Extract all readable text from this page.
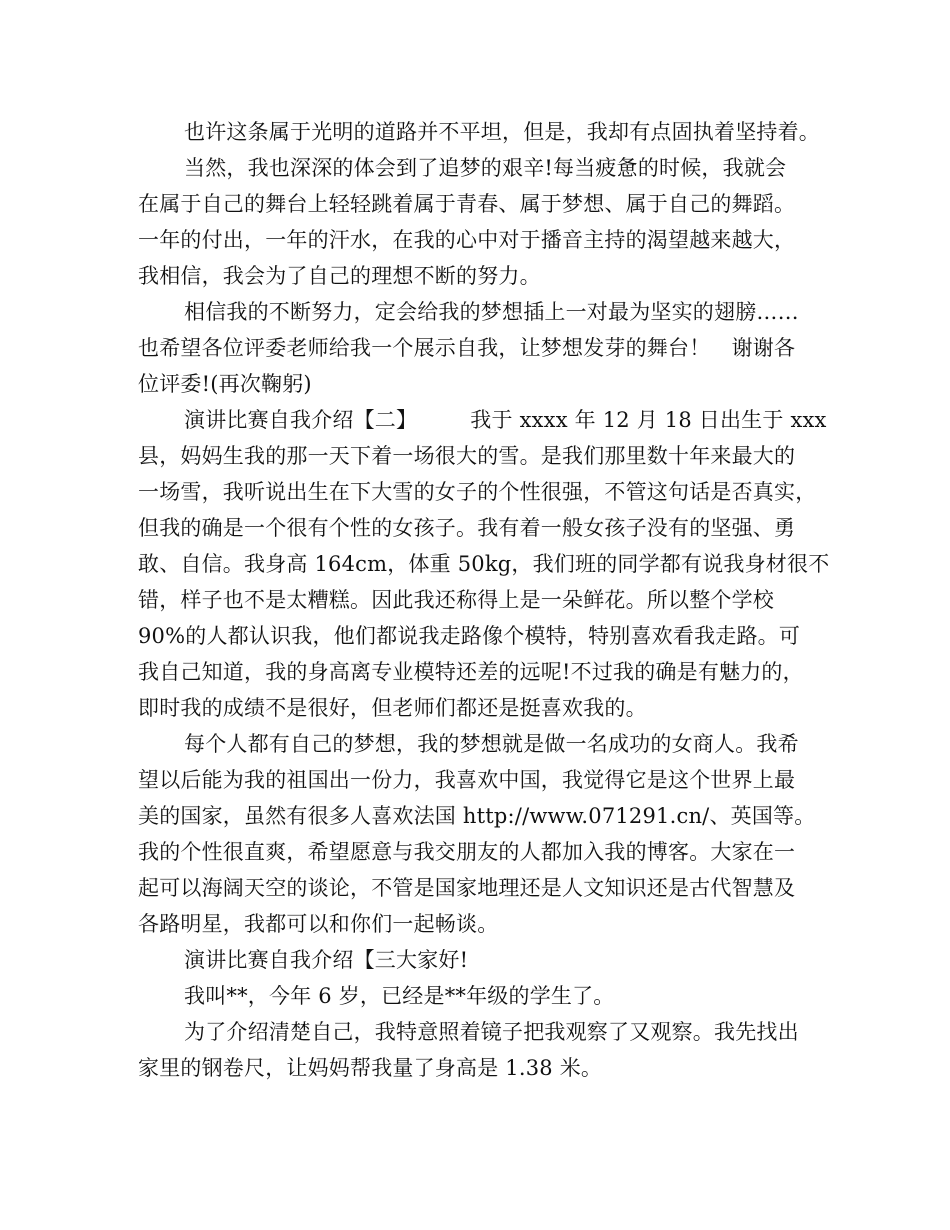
也许这条属于光明的道路并不平坦，但是，我却有点固执着坚持着。
当然，我也深深的体会到了追梦的艰辛!每当疲惫的时候，我就会
在属于自己的舞台上轻轻跳着属于青春、属于梦想、属于自己的舞蹈。
一年的付出，一年的汗水，在我的心中对于播音主持的渴望越来越大，
我相信，我会为了自己的理想不断的努力。
相信我的不断努力，定会给我的梦想插上一对最为坚实的翅膀……
也希望各位评委老师给我一个展示自我，让梦想发芽的舞台！　谢谢各
位评委!(再次鞠躬)
演讲比赛自我介绍【二】　　　我于 xxxx 年 12 月 18 日出生于 xxx
县，妈妈生我的那一天下着一场很大的雪。是我们那里数十年来最大的
一场雪，我听说出生在下大雪的女子的个性很强，不管这句话是否真实，
但我的确是一个很有个性的女孩子。我有着一般女孩子没有的坚强、勇
敢、自信。我身高 164cm，体重 50kg，我们班的同学都有说我身材很不
错，样子也不是太糟糕。因此我还称得上是一朵鲜花。所以整个学校
90%的人都认识我，他们都说我走路像个模特，特别喜欢看我走路。可
我自己知道，我的身高离专业模特还差的远呢!不过我的确是有魅力的，
即时我的成绩不是很好，但老师们都还是挺喜欢我的。
每个人都有自己的梦想，我的梦想就是做一名成功的女商人。我希
望以后能为我的祖国出一份力，我喜欢中国，我觉得它是这个世界上最
美的国家，虽然有很多人喜欢法国 http://www.071291.cn/、英国等。
我的个性很直爽，希望愿意与我交朋友的人都加入我的博客。大家在一
起可以海阔天空的谈论，不管是国家地理还是人文知识还是古代智慧及
各路明星，我都可以和你们一起畅谈。
演讲比赛自我介绍【三大家好!
我叫**，今年 6 岁，已经是**年级的学生了。
为了介绍清楚自己，我特意照着镜子把我观察了又观察。我先找出
家里的钢卷尺，让妈妈帮我量了身高是 1.38 米。
